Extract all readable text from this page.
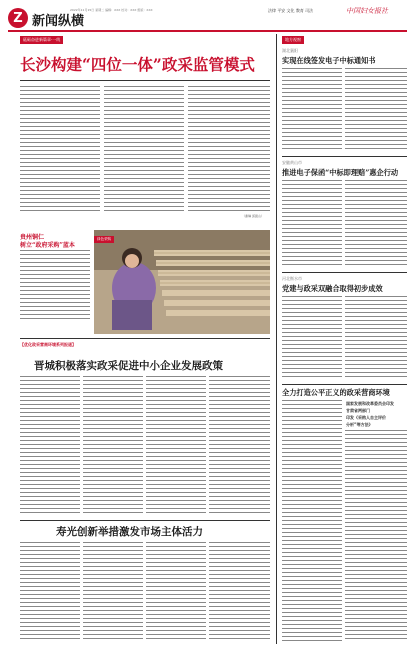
Z 新闻纵横
2022年11月15日 星期二 编辑：XXX 校对：XXX 组版：XXX	法律 平安 文化 教育 司法	中国妇女报社
砥砺奋进新篇章·一线
长沙构建“四位一体”政采监管模式
（谢琳 邱振山）
贵州铜仁
树立“政府采购”蓝本
绿色采购
【优化政采营商环境系列报道】
晋城积极落实政采促进中小企业发展政策
寿光创新举措激发市场主体活力
地方视窗
湖北襄阳
实现在线签发电子中标通知书
安徽黄山市
推进电子保函“中标即理赔”惠企行动
河北衡水市
党建与政采双融合取得初步成效
全力打造公平正义的政采营商环境
国家发展和改革委员会印发
甘肃省两部门
印发《采购人自主评价
分析”等方法》
